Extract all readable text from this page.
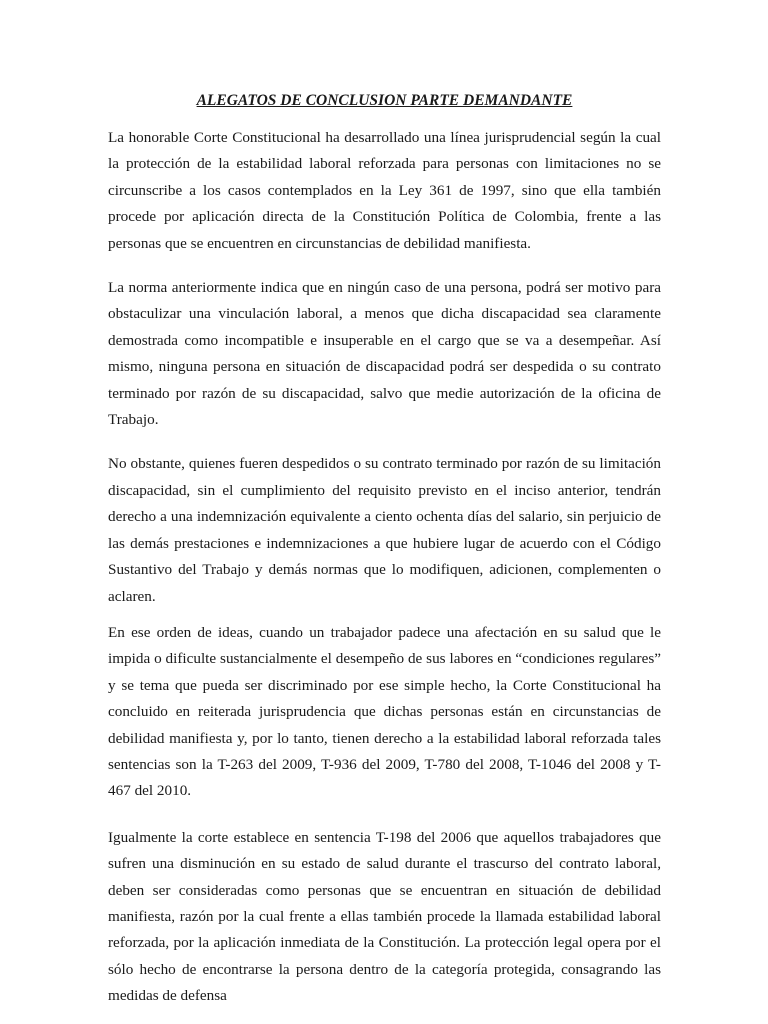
ALEGATOS DE CONCLUSION PARTE DEMANDANTE

La honorable Corte Constitucional ha desarrollado una línea jurisprudencial según la cual la protección de la estabilidad laboral reforzada para personas con limitaciones no se circunscribe a los casos contemplados en la Ley 361 de 1997, sino que ella también procede por aplicación directa de la Constitución Política de Colombia, frente a las personas que se encuentren en circunstancias de debilidad manifiesta.

La norma anteriormente indica que en ningún caso de una persona, podrá ser motivo para obstaculizar una vinculación laboral, a menos que dicha discapacidad sea claramente demostrada como incompatible e insuperable en el cargo que se va a desempeñar. Así mismo, ninguna persona en situación de discapacidad podrá ser despedida o su contrato terminado por razón de su discapacidad, salvo que medie autorización de la oficina de Trabajo.

No obstante, quienes fueren despedidos o su contrato terminado por razón de su limitación discapacidad, sin el cumplimiento del requisito previsto en el inciso anterior, tendrán derecho a una indemnización equivalente a ciento ochenta días del salario, sin perjuicio de las demás prestaciones e indemnizaciones a que hubiere lugar de acuerdo con el Código Sustantivo del Trabajo y demás normas que lo modifiquen, adicionen, complementen o aclaren.

En ese orden de ideas, cuando un trabajador padece una afectación en su salud que le impida o dificulte sustancialmente el desempeño de sus labores en “condiciones regulares” y se tema que pueda ser discriminado por ese simple hecho, la Corte Constitucional ha concluido en reiterada jurisprudencia que dichas personas están en circunstancias de debilidad manifiesta y, por lo tanto, tienen derecho a la estabilidad laboral reforzada tales sentencias son la T-263 del 2009, T-936 del 2009, T-780 del 2008, T-1046 del 2008 y T-467 del 2010.

Igualmente la corte establece en sentencia T-198 del 2006 que aquellos trabajadores que sufren una disminución en su estado de salud durante el trascurso del contrato laboral, deben ser consideradas como personas que se encuentran en situación de debilidad manifiesta, razón por la cual frente a ellas también procede la llamada estabilidad laboral reforzada, por la aplicación inmediata de la Constitución. La protección legal opera por el sólo hecho de encontrarse la persona dentro de la categoría protegida, consagrando las medidas de defensa
